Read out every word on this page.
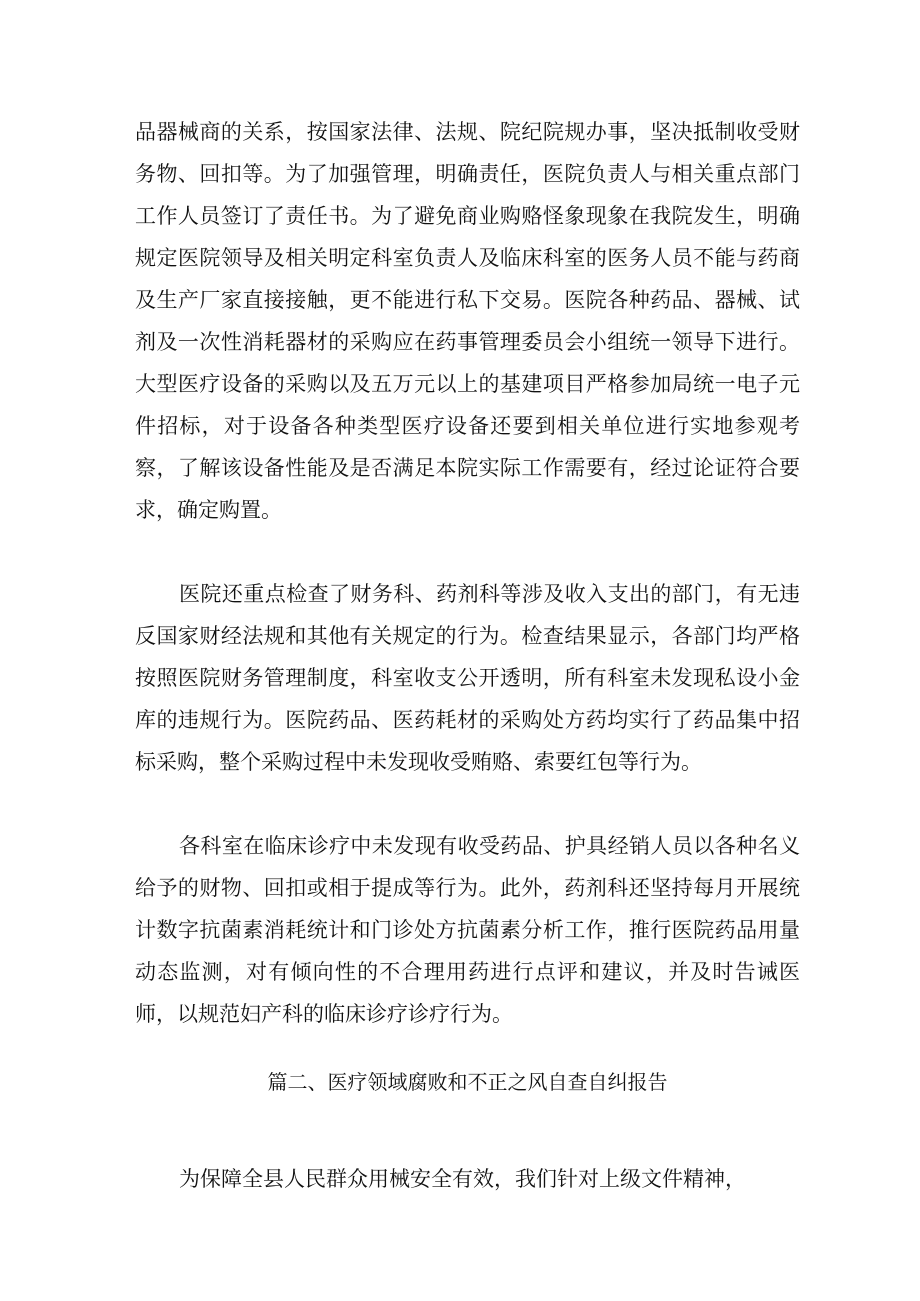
品器械商的关系，按国家法律、法规、院纪院规办事，坚决抵制收受财务物、回扣等。为了加强管理，明确责任，医院负责人与相关重点部门工作人员签订了责任书。为了避免商业购赂怪象现象在我院发生，明确规定医院领导及相关明定科室负责人及临床科室的医务人员不能与药商及生产厂家直接接触，更不能进行私下交易。医院各种药品、器械、试剂及一次性消耗器材的采购应在药事管理委员会小组统一领导下进行。大型医疗设备的采购以及五万元以上的基建项目严格参加局统一电子元件招标，对于设备各种类型医疗设备还要到相关单位进行实地参观考察，了解该设备性能及是否满足本院实际工作需要有，经过论证符合要求，确定购置。

医院还重点检查了财务科、药剂科等涉及收入支出的部门，有无违反国家财经法规和其他有关规定的行为。检查结果显示，各部门均严格按照医院财务管理制度，科室收支公开透明，所有科室未发现私设小金库的违规行为。医院药品、医药耗材的采购处方药均实行了药品集中招标采购，整个采购过程中未发现收受贿赂、索要红包等行为。

各科室在临床诊疗中未发现有收受药品、护具经销人员以各种名义给予的财物、回扣或相于提成等行为。此外，药剂科还坚持每月开展统计数字抗菌素消耗统计和门诊处方抗菌素分析工作，推行医院药品用量动态监测，对有倾向性的不合理用药进行点评和建议，并及时告诫医师，以规范妇产科的临床诊疗诊疗行为。

篇二、医疗领域腐败和不正之风自查自纠报告

为保障全县人民群众用械安全有效，我们针对上级文件精神，
